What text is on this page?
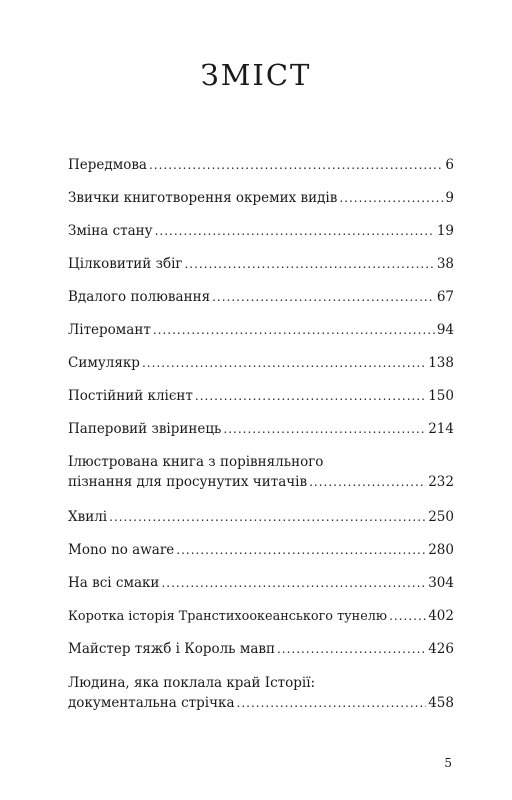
ЗМІСТ
Передмова .....	6
Звички книготворення окремих видів .....	9
Зміна стану .....	19
Цілковитий збіг .....	38
Вдалого полювання .....	67
Літеромант .....	94
Симулякр .....	138
Постійний клієнт .....	150
Паперовий звіринець .....	214
Ілюстрована книга з порівняльного
пізнання для просунутих читачів .....	232
Хвилі .....	250
Mono no aware .....	280
На всі смаки .....	304
Коротка історія Транстихоокеанського тунелю .....	402
Майстер тяжб і Король мавп .....	426
Людина, яка поклала край Історії:
документальна стрічка .....	458
5
